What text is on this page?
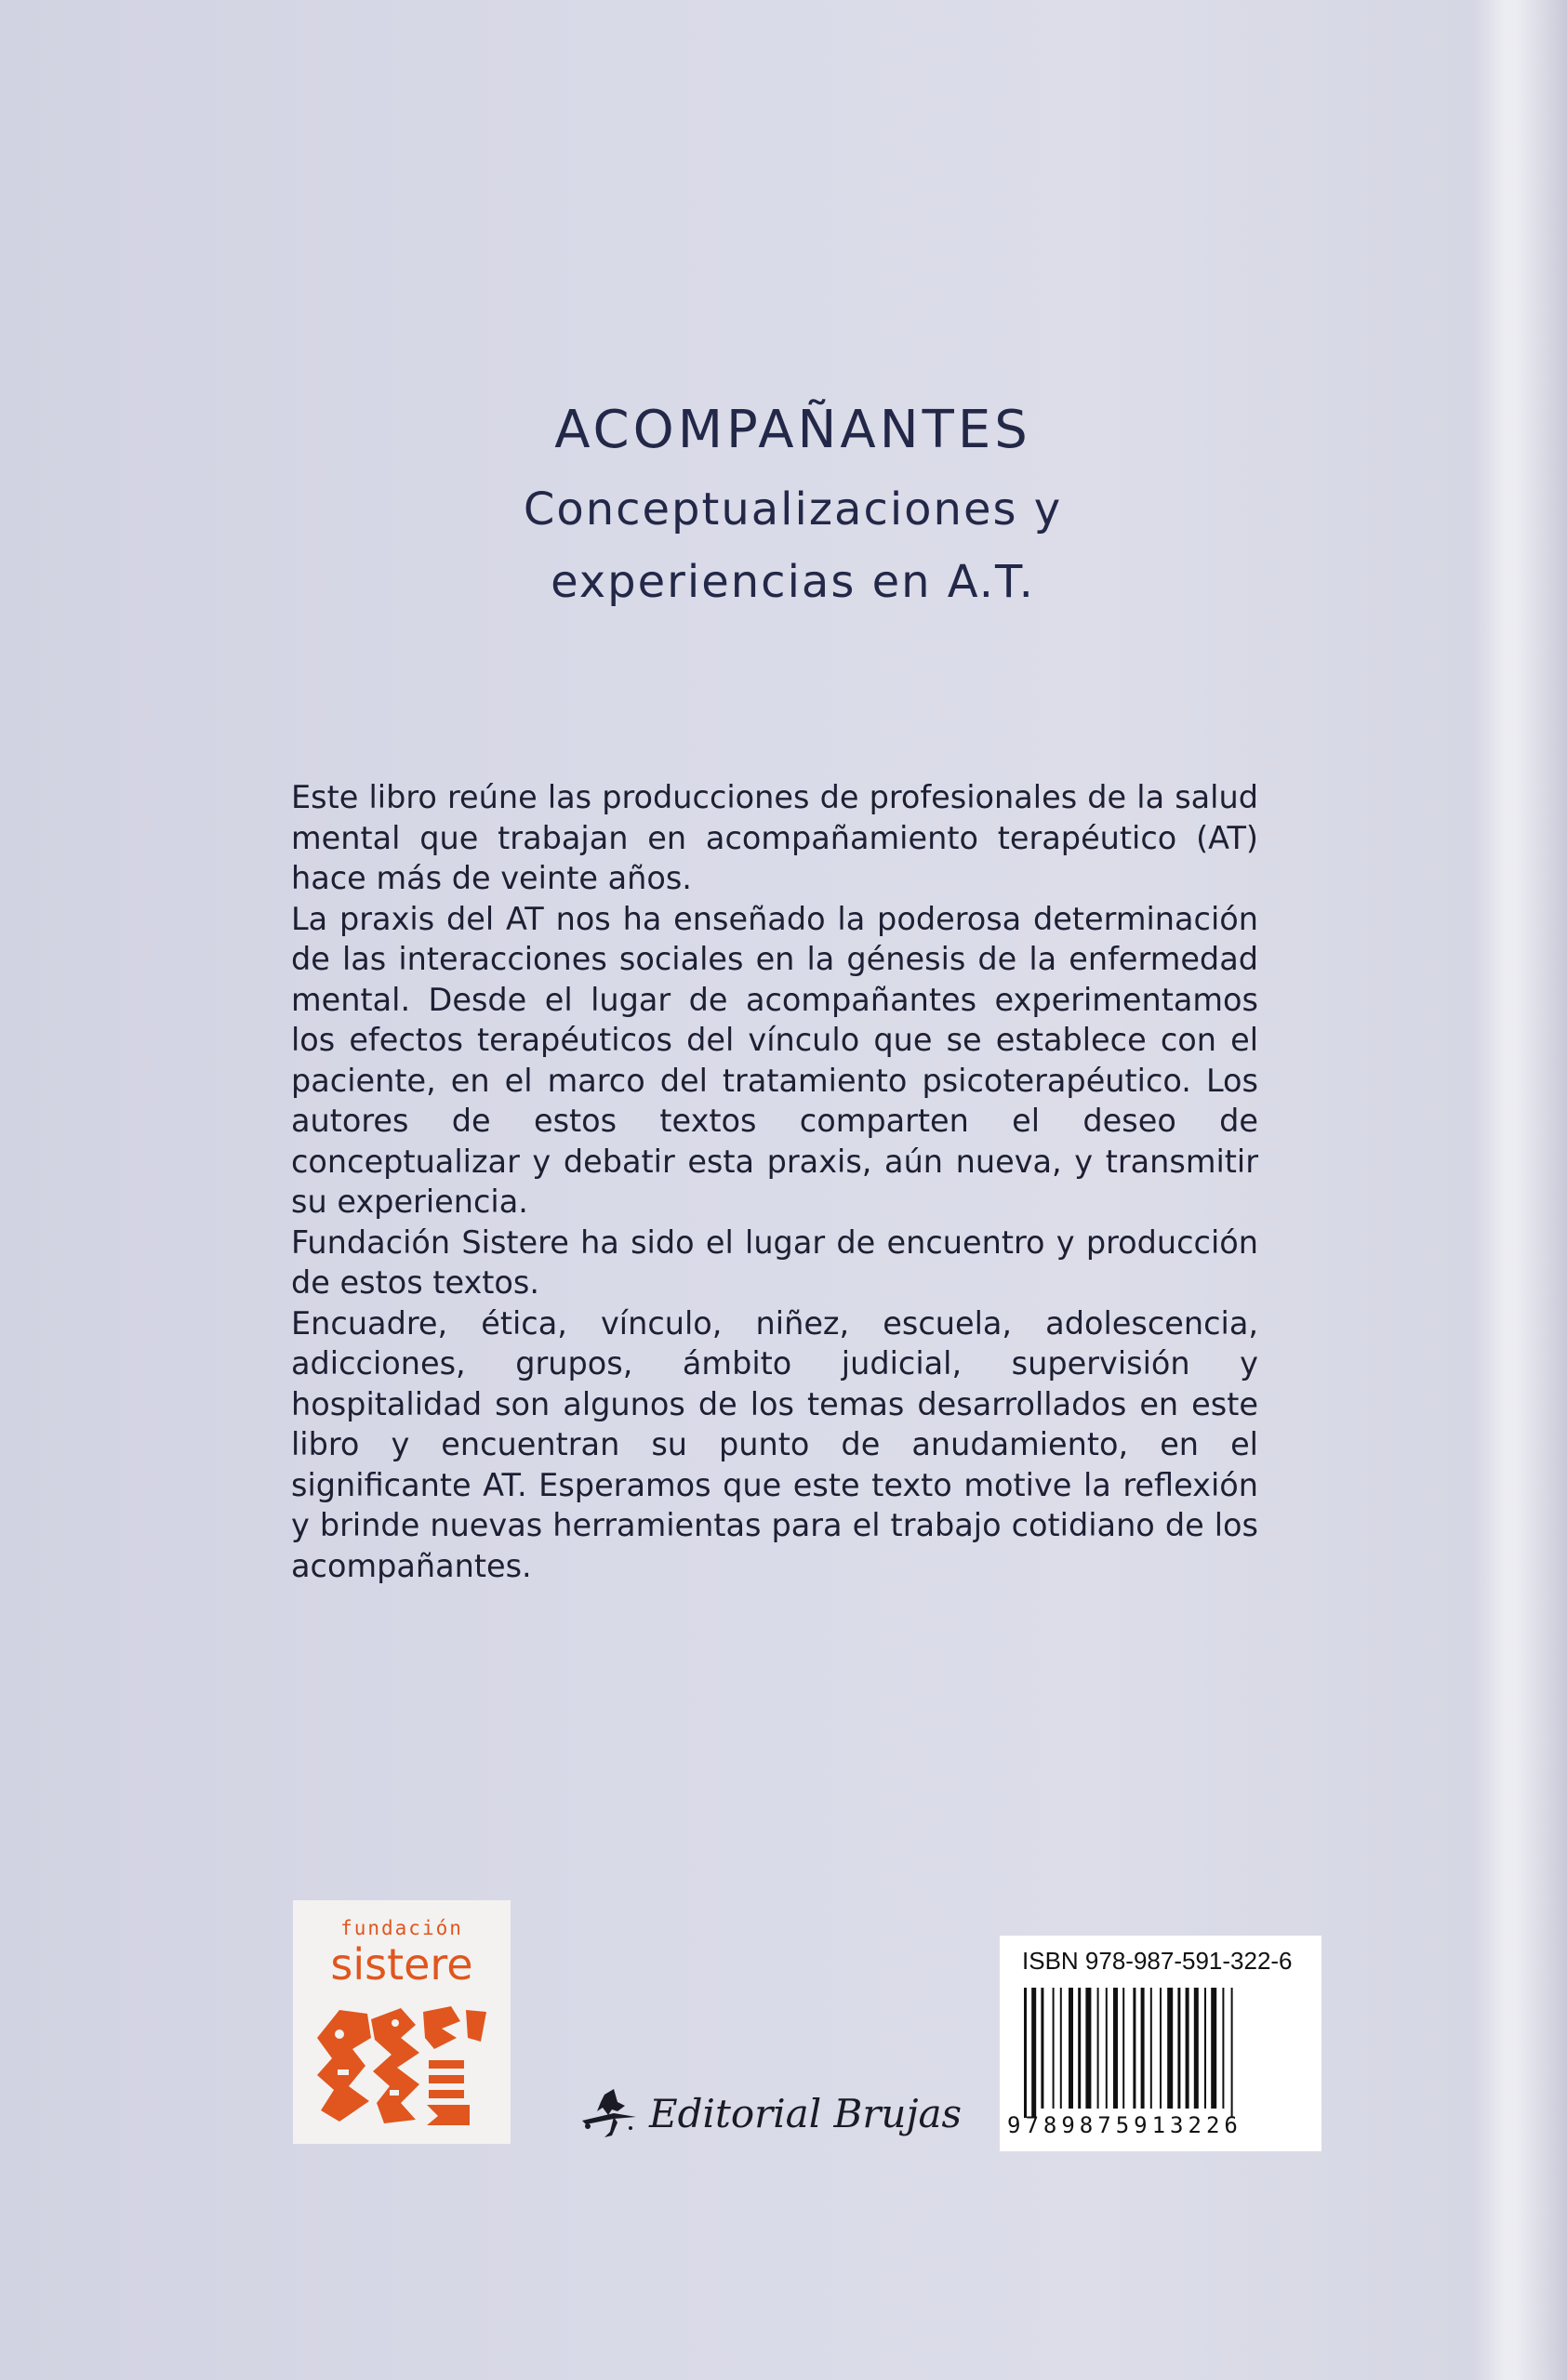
ACOMPAÑANTES
Conceptualizaciones y
experiencias en A.T.

Este libro reúne las producciones de profesionales de la salud mental que trabajan en acompañamiento terapéutico (AT) hace más de veinte años.

La praxis del AT nos ha enseñado la poderosa determinación de las interacciones sociales en la génesis de la enfermedad mental. Desde el lugar de acompañantes experimentamos los efectos terapéuticos del vínculo que se establece con el paciente, en el marco del tratamiento psicoterapéutico. Los autores de estos textos comparten el deseo de conceptualizar y debatir esta praxis, aún nueva, y transmitir su experiencia.

Fundación Sistere ha sido el lugar de encuentro y producción de estos textos.

Encuadre, ética, vínculo, niñez, escuela, adolescencia, adicciones, grupos, ámbito judicial, supervisión y hospitalidad son algunos de los temas desarrollados en este libro y encuentran su punto de anudamiento, en el significante AT. Esperamos que este texto motive la reflexión y brinde nuevas herramientas para el trabajo cotidiano de los acompañantes.

fundación
sistere
Editorial Brujas
ISBN 978-987-591-322-6
9789875913226
